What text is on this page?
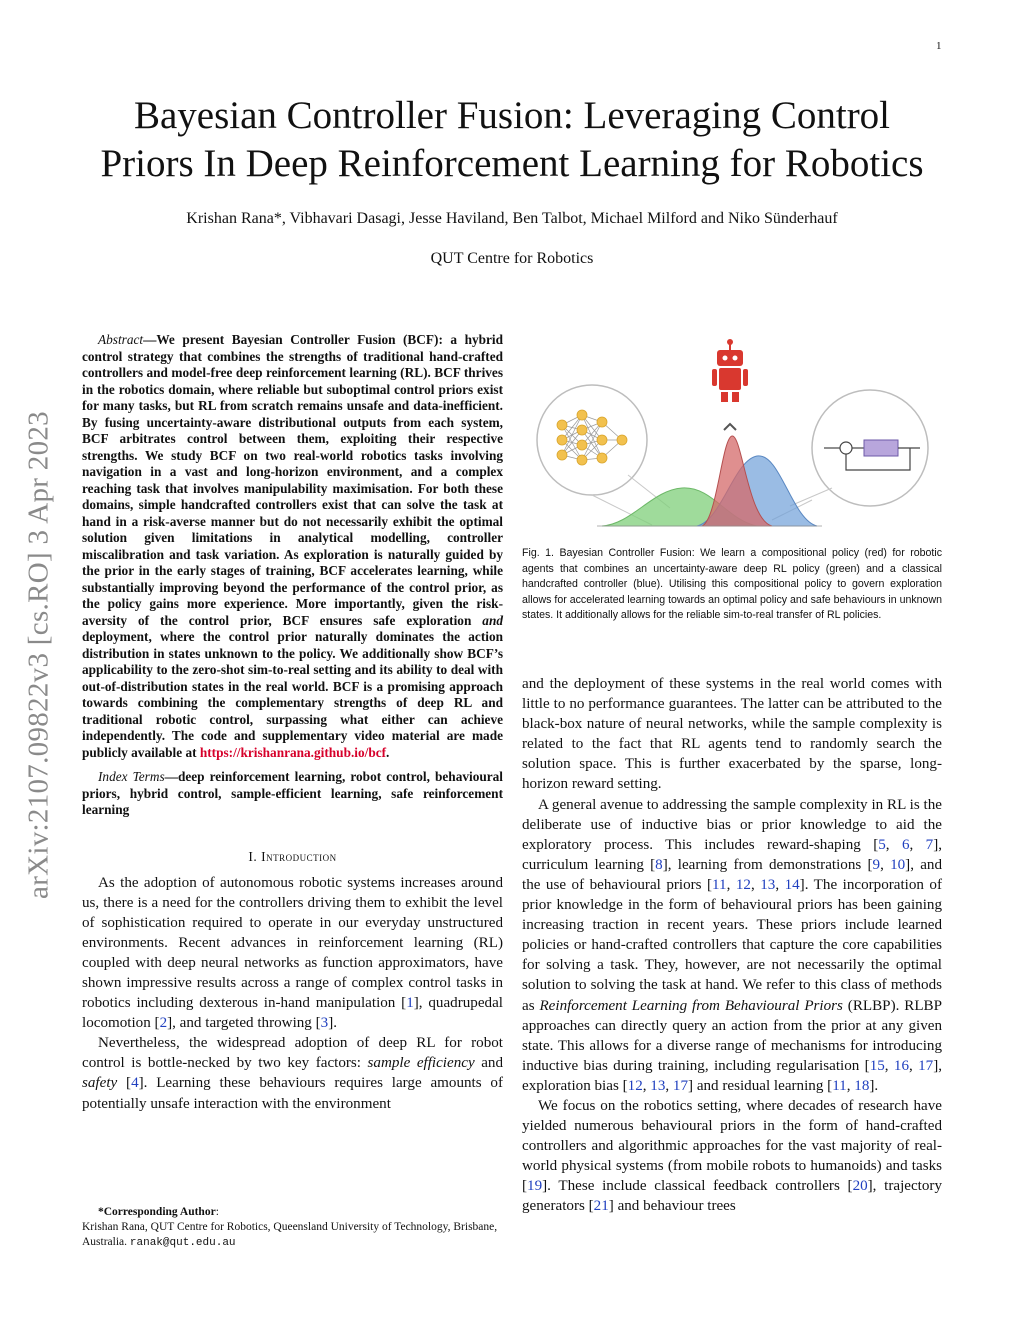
1
Bayesian Controller Fusion: Leveraging Control
Priors In Deep Reinforcement Learning for Robotics
Krishan Rana*, Vibhavari Dasagi, Jesse Haviland, Ben Talbot, Michael Milford and Niko Sünderhauf
QUT Centre for Robotics
arXiv:2107.09822v3 [cs.RO] 3 Apr 2023

Abstract—We present Bayesian Controller Fusion (BCF): a hybrid control strategy that combines the strengths of traditional hand-crafted controllers and model-free deep reinforcement learning (RL). BCF thrives in the robotics domain, where reliable but suboptimal control priors exist for many tasks, but RL from scratch remains unsafe and data-inefficient. By fusing uncertainty-aware distributional outputs from each system, BCF arbitrates control between them, exploiting their respective strengths. We study BCF on two real-world robotics tasks involving navigation in a vast and long-horizon environment, and a complex reaching task that involves manipulability maximisation. For both these domains, simple handcrafted controllers exist that can solve the task at hand in a risk-averse manner but do not necessarily exhibit the optimal solution given limitations in analytical modelling, controller miscalibration and task variation. As exploration is naturally guided by the prior in the early stages of training, BCF accelerates learning, while substantially improving beyond the performance of the control prior, as the policy gains more experience. More importantly, given the risk-aversity of the control prior, BCF ensures safe exploration and deployment, where the control prior naturally dominates the action distribution in states unknown to the policy. We additionally show BCF’s applicability to the zero-shot sim-to-real setting and its ability to deal with out-of-distribution states in the real world. BCF is a promising approach towards combining the complementary strengths of deep RL and traditional robotic control, surpassing what either can achieve independently. The code and supplementary video material are made publicly available at https://krishanrana.github.io/bcf.

Index Terms—deep reinforcement learning, robot control, behavioural priors, hybrid control, sample-efficient learning, safe reinforcement learning

I. Introduction

As the adoption of autonomous robotic systems increases around us, there is a need for the controllers driving them to exhibit the level of sophistication required to operate in our everyday unstructured environments. Recent advances in reinforcement learning (RL) coupled with deep neural networks as function approximators, have shown impressive results across a range of complex control tasks in robotics including dexterous in-hand manipulation [1], quadrupedal locomotion [2], and targeted throwing [3].

Nevertheless, the widespread adoption of deep RL for robot control is bottle-necked by two key factors: sample efficiency and safety [4]. Learning these behaviours requires large amounts of potentially unsafe interaction with the environment

*Corresponding Author:
Krishan Rana, QUT Centre for Robotics, Queensland University of Technology, Brisbane, Australia. ranak@qut.edu.au

Fig. 1. Bayesian Controller Fusion: We learn a compositional policy (red) for robotic agents that combines an uncertainty-aware deep RL policy (green) and a classical handcrafted controller (blue). Utilising this compositional policy to govern exploration allows for accelerated learning towards an optimal policy and safe behaviours in unknown states. It additionally allows for the reliable sim-to-real transfer of RL policies.

and the deployment of these systems in the real world comes with little to no performance guarantees. The latter can be attributed to the black-box nature of neural networks, while the sample complexity is related to the fact that RL agents tend to randomly search the solution space. This is further exacerbated by the sparse, long-horizon reward setting.

A general avenue to addressing the sample complexity in RL is the deliberate use of inductive bias or prior knowledge to aid the exploratory process. This includes reward-shaping [5, 6, 7], curriculum learning [8], learning from demonstrations [9, 10], and the use of behavioural priors [11, 12, 13, 14]. The incorporation of prior knowledge in the form of behavioural priors has been gaining increasing traction in recent years. These priors include learned policies or hand-crafted controllers that capture the core capabilities for solving a task. They, however, are not necessarily the optimal solution to solving the task at hand. We refer to this class of methods as Reinforcement Learning from Behavioural Priors (RLBP). RLBP approaches can directly query an action from the prior at any given state. This allows for a diverse range of mechanisms for introducing inductive bias during training, including regularisation [15, 16, 17], exploration bias [12, 13, 17] and residual learning [11, 18].

We focus on the robotics setting, where decades of research have yielded numerous behavioural priors in the form of hand-crafted controllers and algorithmic approaches for the vast majority of real-world physical systems (from mobile robots to humanoids) and tasks [19]. These include classical feedback controllers [20], trajectory generators [21] and behaviour trees
